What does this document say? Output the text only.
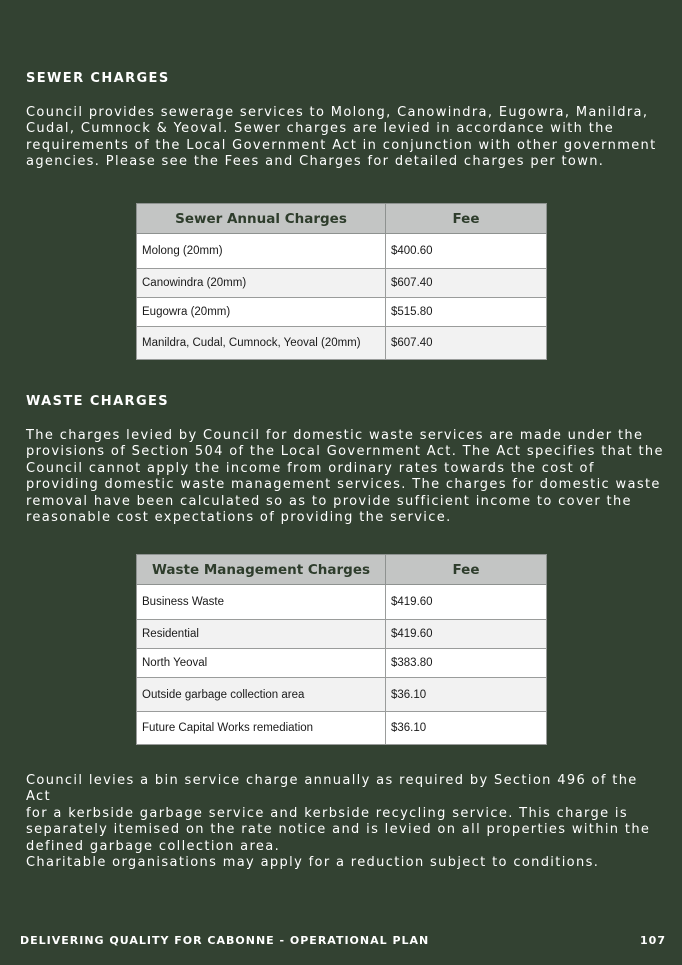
SEWER CHARGES

Council provides sewerage services to Molong, Canowindra, Eugowra, Manildra,
Cudal, Cumnock & Yeoval. Sewer charges are levied in accordance with the
requirements of the Local Government Act in conjunction with other government
agencies. Please see the Fees and Charges for detailed charges per town.

Sewer Annual Charges	Fee
Molong (20mm)	$400.60
Canowindra (20mm)	$607.40
Eugowra (20mm)	$515.80
Manildra, Cudal, Cumnock, Yeoval (20mm)	$607.40
WASTE CHARGES

The charges levied by Council for domestic waste services are made under the
provisions of Section 504 of the Local Government Act. The Act specifies that the
Council cannot apply the income from ordinary rates towards the cost of
providing domestic waste management services. The charges for domestic waste
removal have been calculated so as to provide sufficient income to cover the
reasonable cost expectations of providing the service.

Waste Management Charges	Fee
Business Waste	$419.60
Residential	$419.60
North Yeoval	$383.80
Outside garbage collection area	$36.10
Future Capital Works remediation	$36.10

Council levies a bin service charge annually as required by Section 496 of the Act
for a kerbside garbage service and kerbside recycling service. This charge is
separately itemised on the rate notice and is levied on all properties within the
defined garbage collection area.

Charitable organisations may apply for a reduction subject to conditions.

DELIVERING QUALITY FOR CABONNE - OPERATIONAL PLAN	107
